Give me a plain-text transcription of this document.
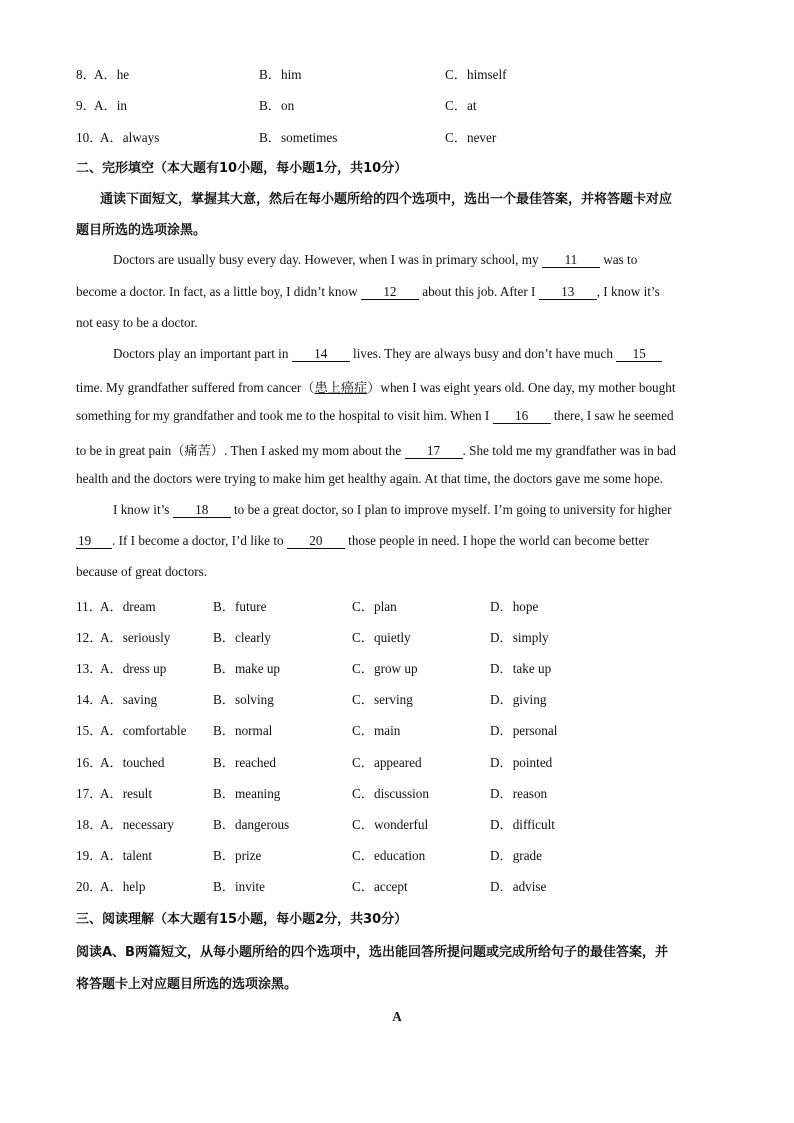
8．
A．he	B．him	C．himself
9．
A．in	B．on	C．at
10．
A．always	B．sometimes	C．never
二、完形填空（本大题有10小题，每小题1分，共10分）
通读下面短文，掌握其大意，然后在每小题所给的四个选项中，选出一个最佳答案，并将答题卡对应
题目所选的选项涂黑。
Doctors are usually busy every day. However, when I was in primary school, my 11 was to
become a doctor. In fact, as a little boy, I didn’t know 12 about this job. After I 13 , I know it’s
not easy to be a doctor.
Doctors play an important part in 14 lives. They are always busy and don’t have much 15
time. My grandfather suffered from cancer（患上癌症）when I was eight years old. One day, my mother bought
something for my grandfather and took me to the hospital to visit him. When I 16 there, I saw he seemed
to be in great pain（痛苦）. Then I asked my mom about the 17 . She told me my grandfather was in bad
health and the doctors were trying to make him get healthy again. At that time, the doctors gave me some hope.
I know it’s 18 to be a great doctor, so I plan to improve myself. I’m going to university for higher
19 . If I become a doctor, I’d like to 20 those people in need. I hope the world can become better
because of great doctors.
11．
A．dream	B．future	C．plan	D．hope
12．
A．seriously	B．clearly	C．quietly	D．simply
13．
A．dress up	B．make up	C．grow up	D．take up
14．
A．saving	B．solving	C．serving	D．giving
15．
A．comfortable B．normal	C．main	D．personal
16．
A．touched	B．reached	C．appeared	D．pointed
17．
A．result	B．meaning	C．discussion	D．reason
18．
A．necessary	B．dangerous	C．wonderful	D．difficult
19．
A．talent	B．prize	C．education	D．grade
20．
A．help	B．invite	C．accept	D．advise
三、阅读理解（本大题有15小题，每小题2分，共30分）
阅读A、B两篇短文，从每小题所给的四个选项中，选出能回答所提问题或完成所给句子的最佳答案，并
将答题卡上对应题目所选的选项涂黑。
A
